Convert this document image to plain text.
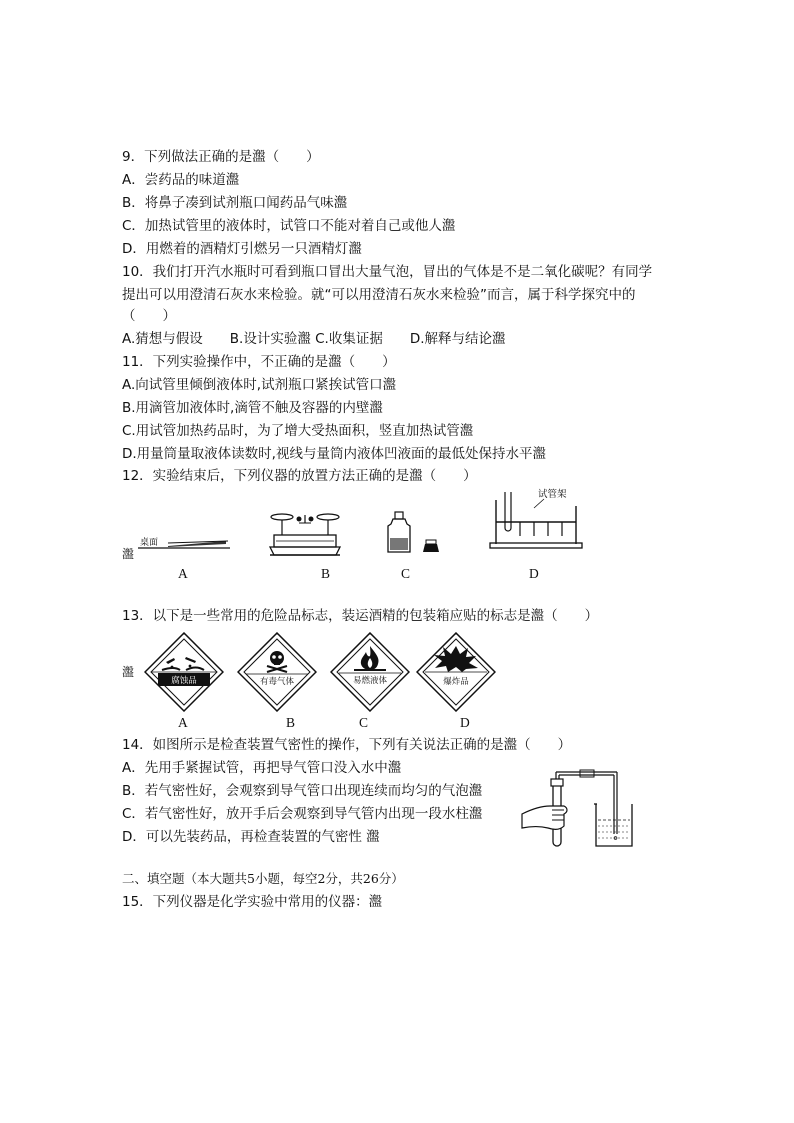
9．下列做法正确的是瀊（　　）
A．尝药品的味道瀊
B．将鼻子凑到试剂瓶口闻药品气味瀊
C．加热试管里的液体时，试管口不能对着自己或他人瀊
D．用燃着的酒精灯引燃另一只酒精灯瀊
10．我们打开汽水瓶时可看到瓶口冒出大量气泡，冒出的气体是不是二氧化碳呢？有同学
提出可以用澄清石灰水来检验。就“可以用澄清石灰水来检验”而言，属于科学探究中的
（　　）
A.猜想与假设　　B.设计实验瀊 C.收集证据　　D.解释与结论瀊
11．下列实验操作中，不正确的是瀊（　　）
A.向试管里倾倒液体时,试剂瓶口紧挨试管口瀊
B.用滴管加液体时,滴管不触及容器的内壁瀊
C.用试管加热药品时，为了增大受热面积，竖直加热试管瀊
D.用量筒量取液体读数时,视线与量筒内液体凹液面的最低处保持水平瀊
12．实验结束后，下列仪器的放置方法正确的是瀊（　　）
瀊
桌面
试管架
A	B	C	D
13．以下是一些常用的危险品标志，装运酒精的包装箱应贴的标志是瀊（　　）
瀊
腐蚀品	有毒气体	易燃液体	爆炸品
A	B	C	D
14．如图所示是检查装置气密性的操作，下列有关说法正确的是瀊（　　）
A．先用手紧握试管，再把导气管口没入水中瀊
B．若气密性好，会观察到导气管口出现连续而均匀的气泡瀊
C．若气密性好，放开手后会观察到导气管内出现一段水柱瀊
D．可以先装药品，再检查装置的气密性 瀊
二、填空题（本大题共5小题，每空2分，共26分）
15．下列仪器是化学实验中常用的仪器：瀊
